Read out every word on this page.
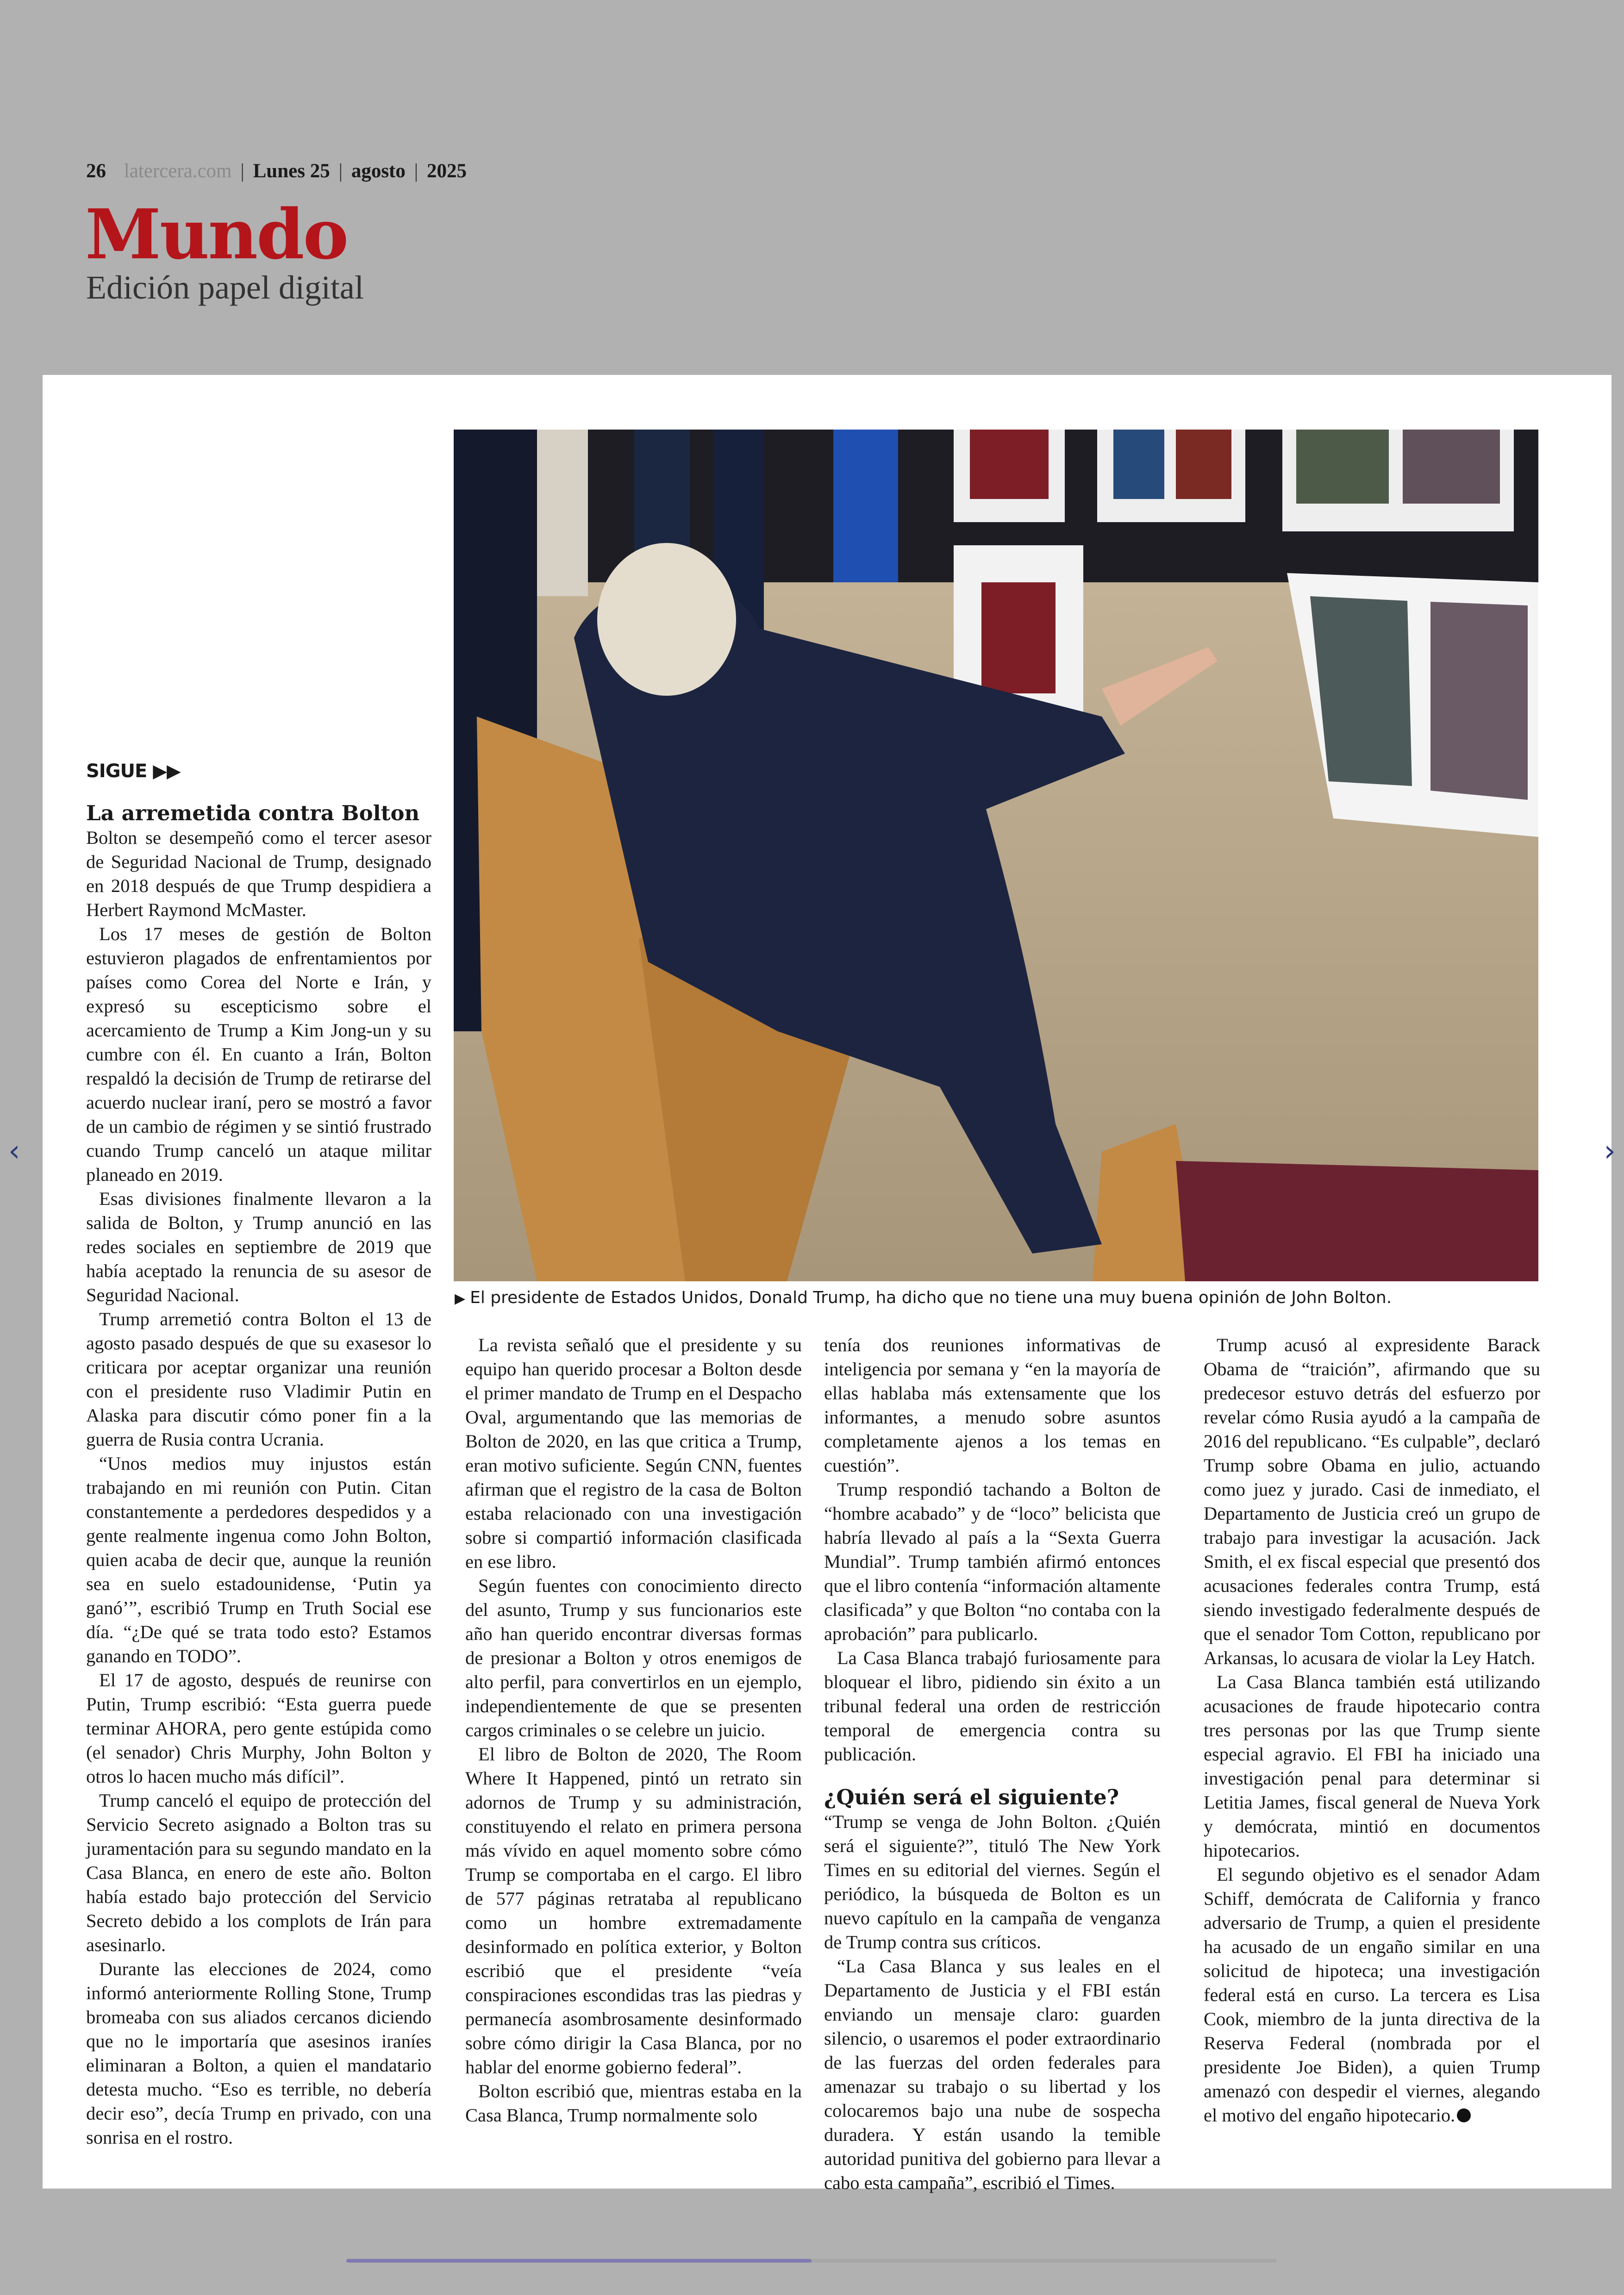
26 latercera.com | Lunes 25 | agosto | 2025
Mundo
Edición papel digital
▶ El presidente de Estados Unidos, Donald Trump, ha dicho que no tiene una muy buena opinión de John Bolton.
SIGUE ▶▶
La arremetida contra Bolton

Bolton se desempeñó como el tercer asesor de Seguridad Nacional de Trump, designado en 2018 después de que Trump despidiera a Herbert Raymond McMaster.

Los 17 meses de gestión de Bolton estuvieron plagados de enfrentamientos por países como Corea del Norte e Irán, y expresó su escepticismo sobre el acercamiento de Trump a Kim Jong-un y su cumbre con él. En cuanto a Irán, Bolton respaldó la decisión de Trump de retirarse del acuerdo nuclear iraní, pero se mostró a favor de un cambio de régimen y se sintió frustrado cuando Trump canceló un ataque militar planeado en 2019.

Esas divisiones finalmente llevaron a la salida de Bolton, y Trump anunció en las redes sociales en septiembre de 2019 que había aceptado la renuncia de su asesor de Seguridad Nacional.

Trump arremetió contra Bolton el 13 de agosto pasado después de que su exasesor lo criticara por aceptar organizar una reunión con el presidente ruso Vladimir Putin en Alaska para discutir cómo poner fin a la guerra de Rusia contra Ucrania.

“Unos medios muy injustos están trabajando en mi reunión con Putin. Citan constantemente a perdedores despedidos y a gente realmente ingenua como John Bolton, quien acaba de decir que, aunque la reunión sea en suelo estadounidense, ‘Putin ya ganó’”, escribió Trump en Truth Social ese día. “¿De qué se trata todo esto? Estamos ganando en TODO”.

El 17 de agosto, después de reunirse con Putin, Trump escribió: “Esta guerra puede terminar AHORA, pero gente estúpida como (el senador) Chris Murphy, John Bolton y otros lo hacen mucho más difícil”.

Trump canceló el equipo de protección del Servicio Secreto asignado a Bolton tras su juramentación para su segundo mandato en la Casa Blanca, en enero de este año. Bolton había estado bajo protección del Servicio Secreto debido a los complots de Irán para asesinarlo.

Durante las elecciones de 2024, como informó anteriormente Rolling Stone, Trump bromeaba con sus aliados cercanos diciendo que no le importaría que asesinos iraníes eliminaran a Bolton, a quien el mandatario detesta mucho. “Eso es terrible, no debería decir eso”, decía Trump en privado, con una sonrisa en el rostro.

La revista señaló que el presidente y su equipo han querido procesar a Bolton desde el primer mandato de Trump en el Despacho Oval, argumentando que las memorias de Bolton de 2020, en las que critica a Trump, eran motivo suficiente. Según CNN, fuentes afirman que el registro de la casa de Bolton estaba relacionado con una investigación sobre si compartió información clasificada en ese libro.

Según fuentes con conocimiento directo del asunto, Trump y sus funcionarios este año han querido encontrar diversas formas de presionar a Bolton y otros enemigos de alto perfil, para convertirlos en un ejemplo, independientemente de que se presenten cargos criminales o se celebre un juicio.

El libro de Bolton de 2020, The Room Where It Happened, pintó un retrato sin adornos de Trump y su administración, constituyendo el relato en primera persona más vívido en aquel momento sobre cómo Trump se comportaba en el cargo. El libro de 577 páginas retrataba al republicano como un hombre extremadamente desinformado en política exterior, y Bolton escribió que el presidente “veía conspiraciones escondidas tras las piedras y permanecía asombrosamente desinformado sobre cómo dirigir la Casa Blanca, por no hablar del enorme gobierno federal”.

Bolton escribió que, mientras estaba en la Casa Blanca, Trump normalmente solo

tenía dos reuniones informativas de inteligencia por semana y “en la mayoría de ellas hablaba más extensamente que los informantes, a menudo sobre asuntos completamente ajenos a los temas en cuestión”.

Trump respondió tachando a Bolton de “hombre acabado” y de “loco” belicista que habría llevado al país a la “Sexta Guerra Mundial”. Trump también afirmó entonces que el libro contenía “información altamente clasificada” y que Bolton “no contaba con la aprobación” para publicarlo.

La Casa Blanca trabajó furiosamente para bloquear el libro, pidiendo sin éxito a un tribunal federal una orden de restricción temporal de emergencia contra su publicación.

¿Quién será el siguiente?

“Trump se venga de John Bolton. ¿Quién será el siguiente?”, tituló The New York Times en su editorial del viernes. Según el periódico, la búsqueda de Bolton es un nuevo capítulo en la campaña de venganza de Trump contra sus críticos.

“La Casa Blanca y sus leales en el Departamento de Justicia y el FBI están enviando un mensaje claro: guarden silencio, o usaremos el poder extraordinario de las fuerzas del orden federales para amenazar su trabajo o su libertad y los colocaremos bajo una nube de sospecha duradera. Y están usando la temible autoridad punitiva del gobierno para llevar a cabo esta campaña”, escribió el Times.

Trump acusó al expresidente Barack Obama de “traición”, afirmando que su predecesor estuvo detrás del esfuerzo por revelar cómo Rusia ayudó a la campaña de 2016 del republicano. “Es culpable”, declaró Trump sobre Obama en julio, actuando como juez y jurado. Casi de inmediato, el Departamento de Justicia creó un grupo de trabajo para investigar la acusación. Jack Smith, el ex fiscal especial que presentó dos acusaciones federales contra Trump, está siendo investigado federalmente después de que el senador Tom Cotton, republicano por Arkansas, lo acusara de violar la Ley Hatch.

La Casa Blanca también está utilizando acusaciones de fraude hipotecario contra tres personas por las que Trump siente especial agravio. El FBI ha iniciado una investigación penal para determinar si Letitia James, fiscal general de Nueva York y demócrata, mintió en documentos hipotecarios.

El segundo objetivo es el senador Adam Schiff, demócrata de California y franco adversario de Trump, a quien el presidente ha acusado de un engaño similar en una solicitud de hipoteca; una investigación federal está en curso. La tercera es Lisa Cook, miembro de la junta directiva de la Reserva Federal (nombrada por el presidente Joe Biden), a quien Trump amenazó con despedir el viernes, alegando el motivo del engaño hipotecario.

‹	›
